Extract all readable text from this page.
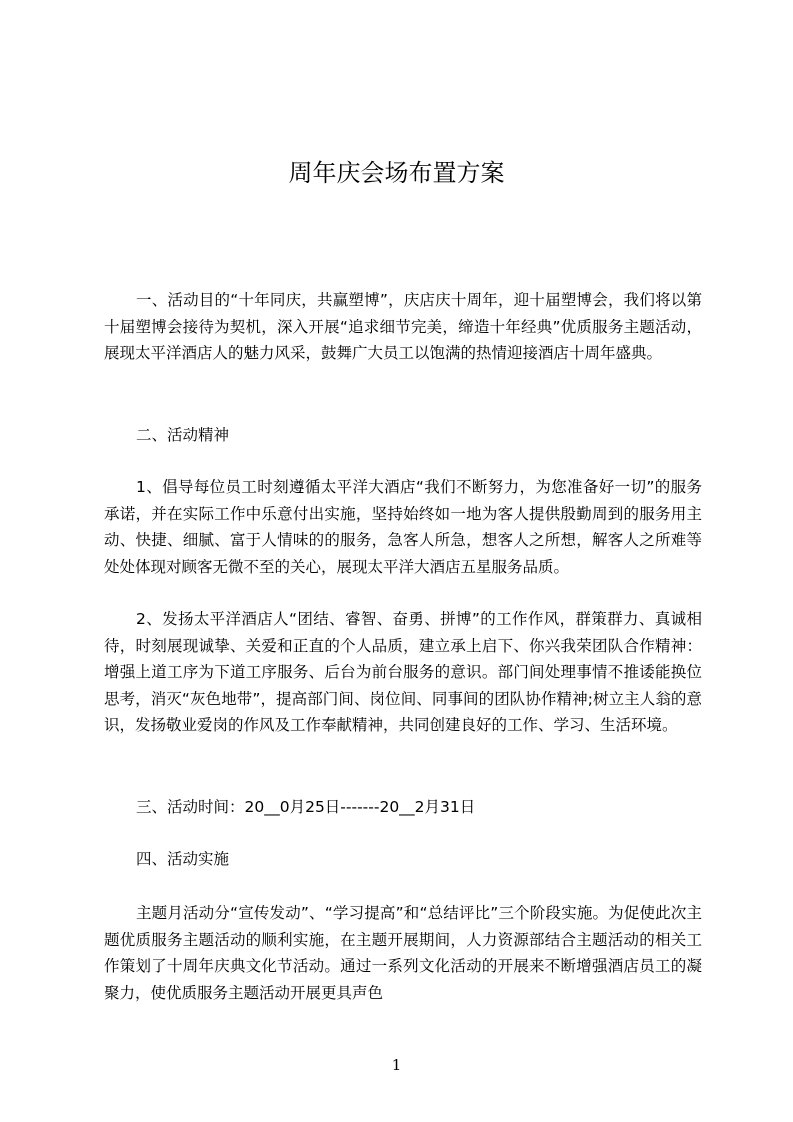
周年庆会场布置方案

一、活动目的“十年同庆，共赢塑博”，庆店庆十周年，迎十届塑博会，我们将以第十届塑博会接待为契机，深入开展“追求细节完美，缔造十年经典”优质服务主题活动，展现太平洋酒店人的魅力风采，鼓舞广大员工以饱满的热情迎接酒店十周年盛典。

二、活动精神

1、倡导每位员工时刻遵循太平洋大酒店“我们不断努力，为您准备好一切”的服务承诺，并在实际工作中乐意付出实施，坚持始终如一地为客人提供殷勤周到的服务用主动、快捷、细腻、富于人情味的的服务，急客人所急，想客人之所想，解客人之所难等处处体现对顾客无微不至的关心，展现太平洋大酒店五星服务品质。

2、发扬太平洋酒店人“团结、睿智、奋勇、拼博”的工作作风，群策群力、真诚相待，时刻展现诚挚、关爱和正直的个人品质，建立承上启下、你兴我荣团队合作精神：增强上道工序为下道工序服务、后台为前台服务的意识。部门间处理事情不推诿能换位思考，消灭“灰色地带”，提高部门间、岗位间、同事间的团队协作精神;树立主人翁的意识，发扬敬业爱岗的作风及工作奉献精神，共同创建良好的工作、学习、生活环境。

三、活动时间：20__0月25日-------20__2月31日

四、活动实施

主题月活动分“宣传发动”、“学习提高”和“总结评比”三个阶段实施。为促使此次主题优质服务主题活动的顺利实施，在主题开展期间，人力资源部结合主题活动的相关工作策划了十周年庆典文化节活动。通过一系列文化活动的开展来不断增强酒店员工的凝聚力，使优质服务主题活动开展更具声色

1
